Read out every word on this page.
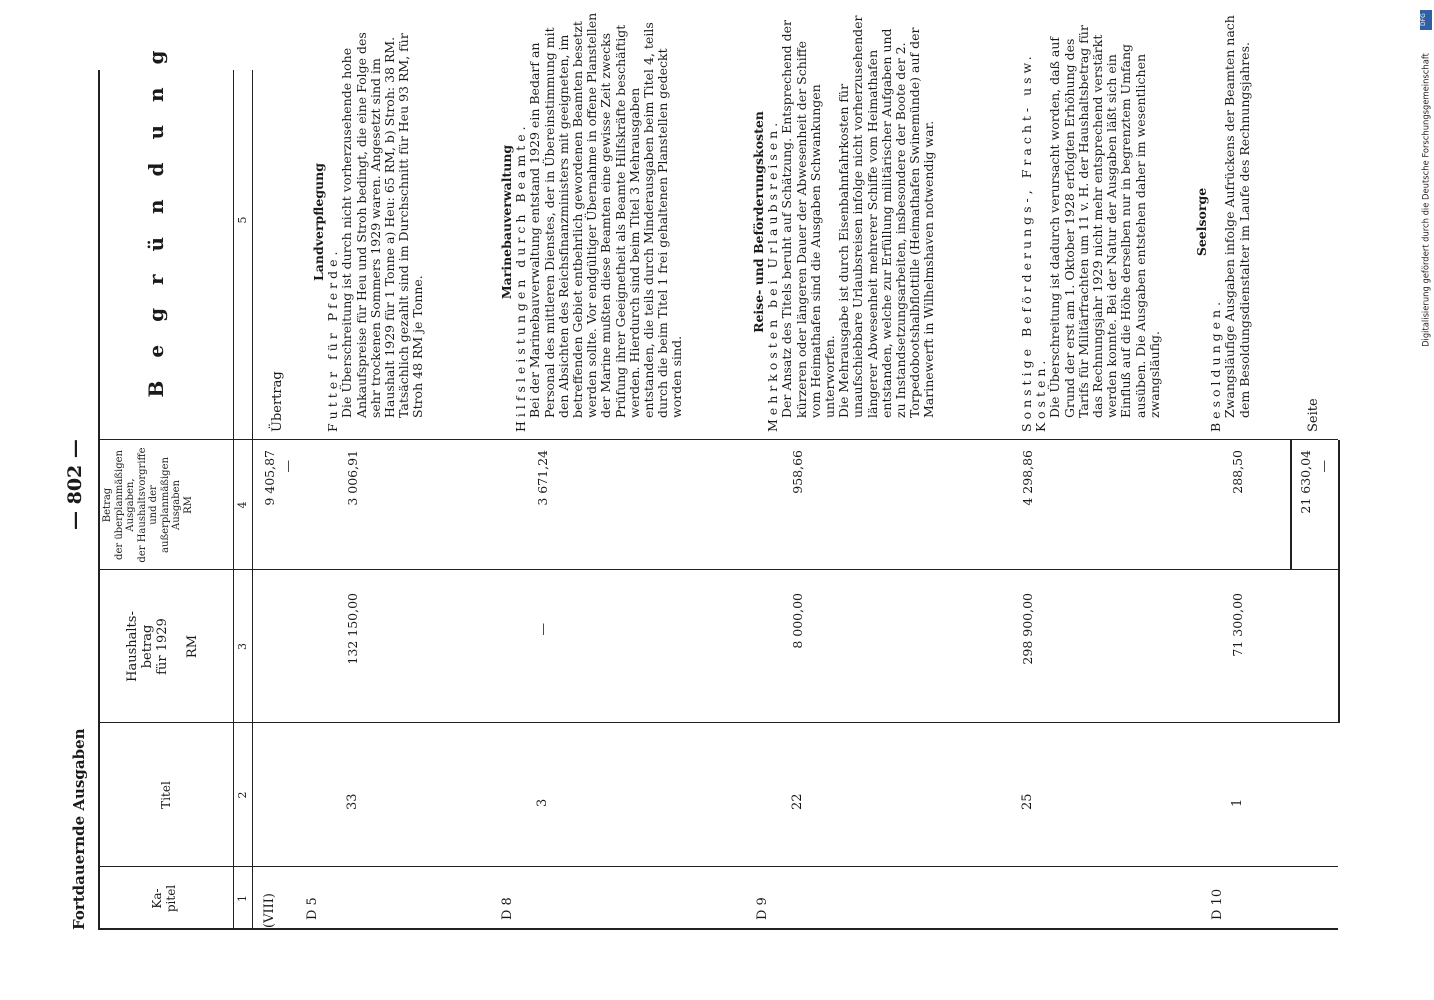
DFG
Digitalisierung gefördert durch die Deutsche Forschungsgemeinschaft
Fortdauernde Ausgaben
— 802 —
Ka-
pitel
Titel
Haushalts-
betrag
für 1929

RM
Betrag
der überplanmäßigen
Ausgaben,
der Haushaltsvorgriffe
und der
außerplanmäßigen
Ausgaben
RM
B e g r ü n d u n g
1
2
3
4
5
(VIII)
9 405,87 —
Übertrag
D 5
33
132 150,00
3 006,91
Landverpflegung
Futter für Pferde. Die Überschreitung ist durch nicht vorherzusehende hohe Ankaufspreise für Heu und Stroh bedingt, die eine Folge des sehr trockenen Sommers 1929 waren. Angesetzt sind im Haushalt 1929 für 1 Tonne a) Heu: 65 RM, b) Stroh: 38 RM. Tatsächlich gezahlt sind im Durchschnitt für Heu 93 RM, für Stroh 48 RM je Tonne.
D 8
3
—
3 671,24
Marinebauverwaltung Hilfsleistungen durch Beamte. Bei der Marinebauverwaltung entstand 1929 ein Bedarf an Personal des mittleren Dienstes, der in Übereinstimmung mit den Absichten des Reichsfinanzministers mit geeigneten, im betreffenden Gebiet entbehrlich gewordenen Beamten besetzt werden sollte. Vor endgültiger Übernahme in offene Planstellen der Marine mußten diese Beamten eine gewisse Zeit zwecks Prüfung ihrer Geeignetheit als Beamte Hilfskräfte beschäftigt werden. Hierdurch sind beim Titel 3 Mehrausgaben entstanden, die teils durch Minderausgaben beim Titel 4, teils durch die beim Titel 1 frei gehaltenen Planstellen gedeckt worden sind.
D 9
22
8 000,00
958,66
Reise- und Beförderungskosten Mehrkosten bei Urlaubsreisen. Der Ansatz des Titels beruht auf Schätzung. Entsprechend der kürzeren oder längeren Dauer der Abwesenheit der Schiffe vom Heimathafen sind die Ausgaben Schwankungen unterworfen.
Die Mehrausgabe ist durch Eisenbahnfahrkosten für unaufschiebbare Urlaubsreisen infolge nicht vorherzusehender längerer Abwesenheit mehrerer Schiffe vom Heimathafen entstanden, welche zur Erfüllung militärischer Aufgaben und zu Instandsetzungsarbeiten, insbesondere der Boote der 2. Torpedobootshalbflottille (Heimathafen Swinemünde) auf der Marinewerft in Wilhelmshaven notwendig war.
25
298 900,00
4 298,86
Sonstige Beförderungs-, Fracht- usw. Kosten. Die Überschreitung ist dadurch verursacht worden, daß auf Grund der erst am 1. Oktober 1928 erfolgten Erhöhung des Tarifs für Militärfrachten um 11 v. H. der Haushaltsbetrag für das Rechnungsjahr 1929 nicht mehr entsprechend verstärkt werden konnte. Bei der Natur der Ausgaben läßt sich ein Einfluß auf die Höhe derselben nur in begrenztem Umfang ausüben. Die Ausgaben entstehen daher im wesentlichen zwangsläufig.
D 10
1
71 300,00
288,50
Seelsorge
Besoldungen. Zwangsläufige Ausgaben infolge Aufrückens der Beamten nach dem Besoldungsdienstalter im Laufe des Rechnungsjahres.
21 630,04 —
Seite
